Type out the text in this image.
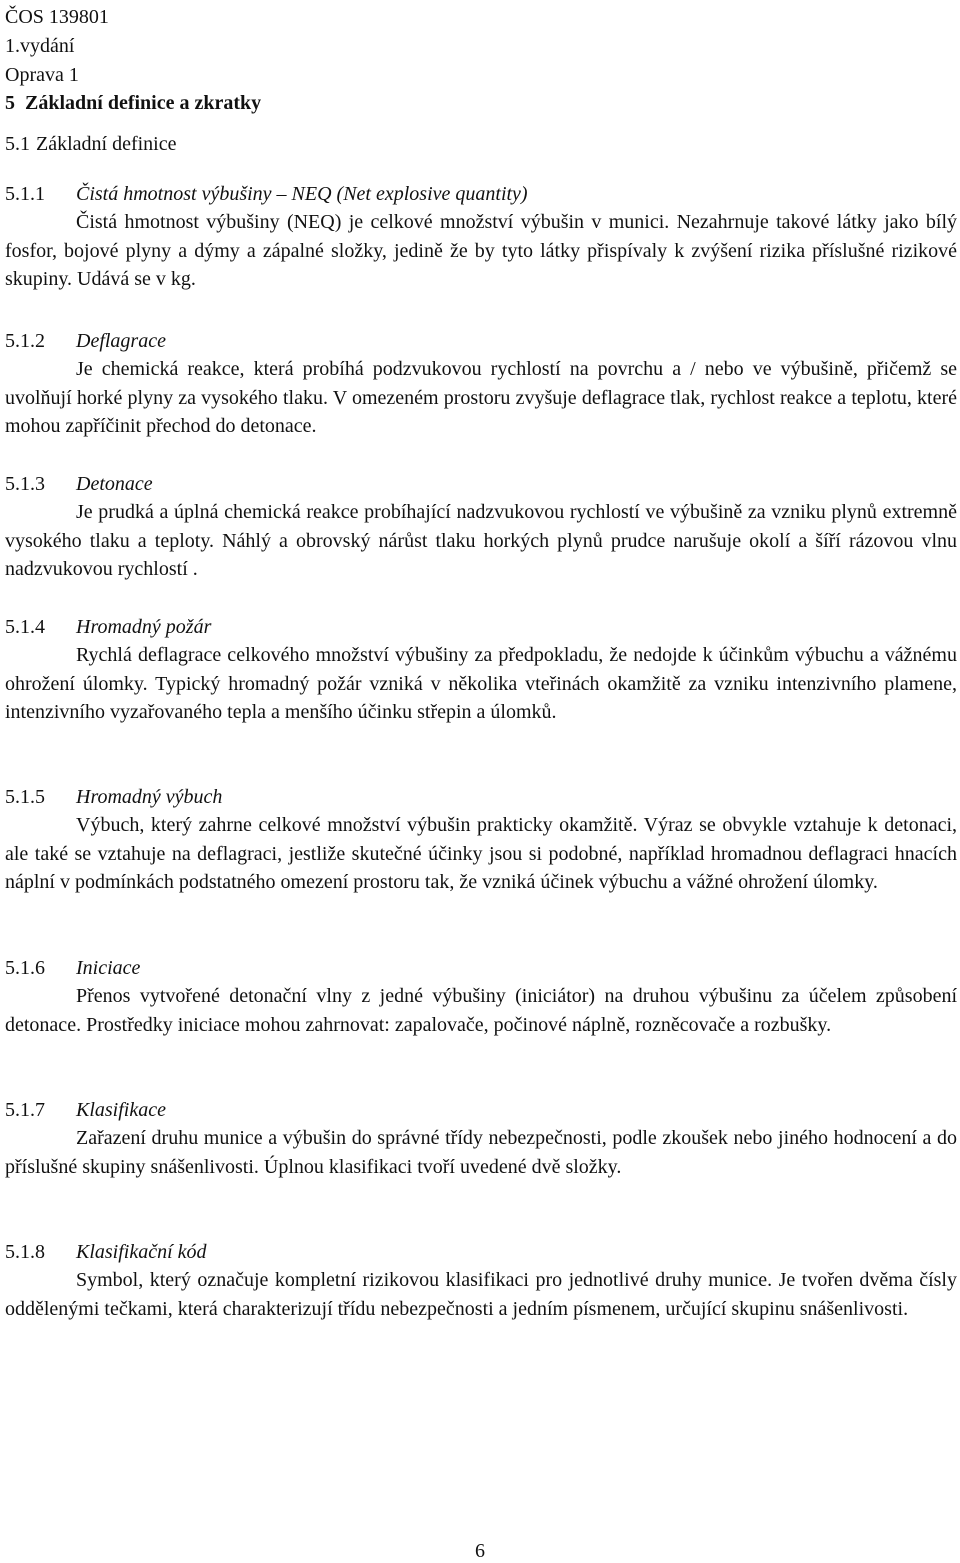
ČOS 139801
1.vydání
Oprava 1
5 Základní definice a zkratky
5.1 Základní definice
5.1.1 Čistá hmotnost výbušiny – NEQ (Net explosive quantity)

Čistá hmotnost výbušiny (NEQ) je celkové množství výbušin v munici. Nezahrnuje takové látky jako bílý fosfor, bojové plyny a dýmy a zápalné složky, jedině že by tyto látky přispívaly k zvýšení rizika příslušné rizikové skupiny. Udává se v kg.

5.1.2 Deflagrace

Je chemická reakce, která probíhá podzvukovou rychlostí na povrchu a / nebo ve výbušině, přičemž se uvolňují horké plyny za vysokého tlaku. V omezeném prostoru zvyšuje deflagrace tlak, rychlost reakce a teplotu, které mohou zapříčinit přechod do detonace.

5.1.3 Detonace

Je prudká a úplná chemická reakce probíhající nadzvukovou rychlostí ve výbušině za vzniku plynů extremně vysokého tlaku a teploty. Náhlý a obrovský nárůst tlaku horkých plynů prudce narušuje okolí a šíří rázovou vlnu nadzvukovou rychlostí .

5.1.4 Hromadný požár

Rychlá deflagrace celkového množství výbušiny za předpokladu, že nedojde k účinkům výbuchu a vážnému ohrožení úlomky. Typický hromadný požár vzniká v několika vteřinách okamžitě za vzniku intenzivního plamene, intenzivního vyzařovaného tepla a menšího účinku střepin a úlomků.

5.1.5 Hromadný výbuch

Výbuch, který zahrne celkové množství výbušin prakticky okamžitě. Výraz se obvykle vztahuje k detonaci, ale také se vztahuje na deflagraci, jestliže skutečné účinky jsou si podobné, například hromadnou deflagraci hnacích náplní v podmínkách podstatného omezení prostoru tak, že vzniká účinek výbuchu a vážné ohrožení úlomky.

5.1.6 Iniciace

Přenos vytvořené detonační vlny z jedné výbušiny (iniciátor) na druhou výbušinu za účelem způsobení detonace. Prostředky iniciace mohou zahrnovat: zapalovače, počinové náplně, rozněcovače a rozbušky.

5.1.7 Klasifikace

Zařazení druhu munice a výbušin do správné třídy nebezpečnosti, podle zkoušek nebo jiného hodnocení a do příslušné skupiny snášenlivosti. Úplnou klasifikaci tvoří uvedené dvě složky.

5.1.8 Klasifikační kód

Symbol, který označuje kompletní rizikovou klasifikaci pro jednotlivé druhy munice. Je tvořen dvěma čísly oddělenými tečkami, která charakterizují třídu nebezpečnosti a jedním písmenem, určující skupinu snášenlivosti.

6
